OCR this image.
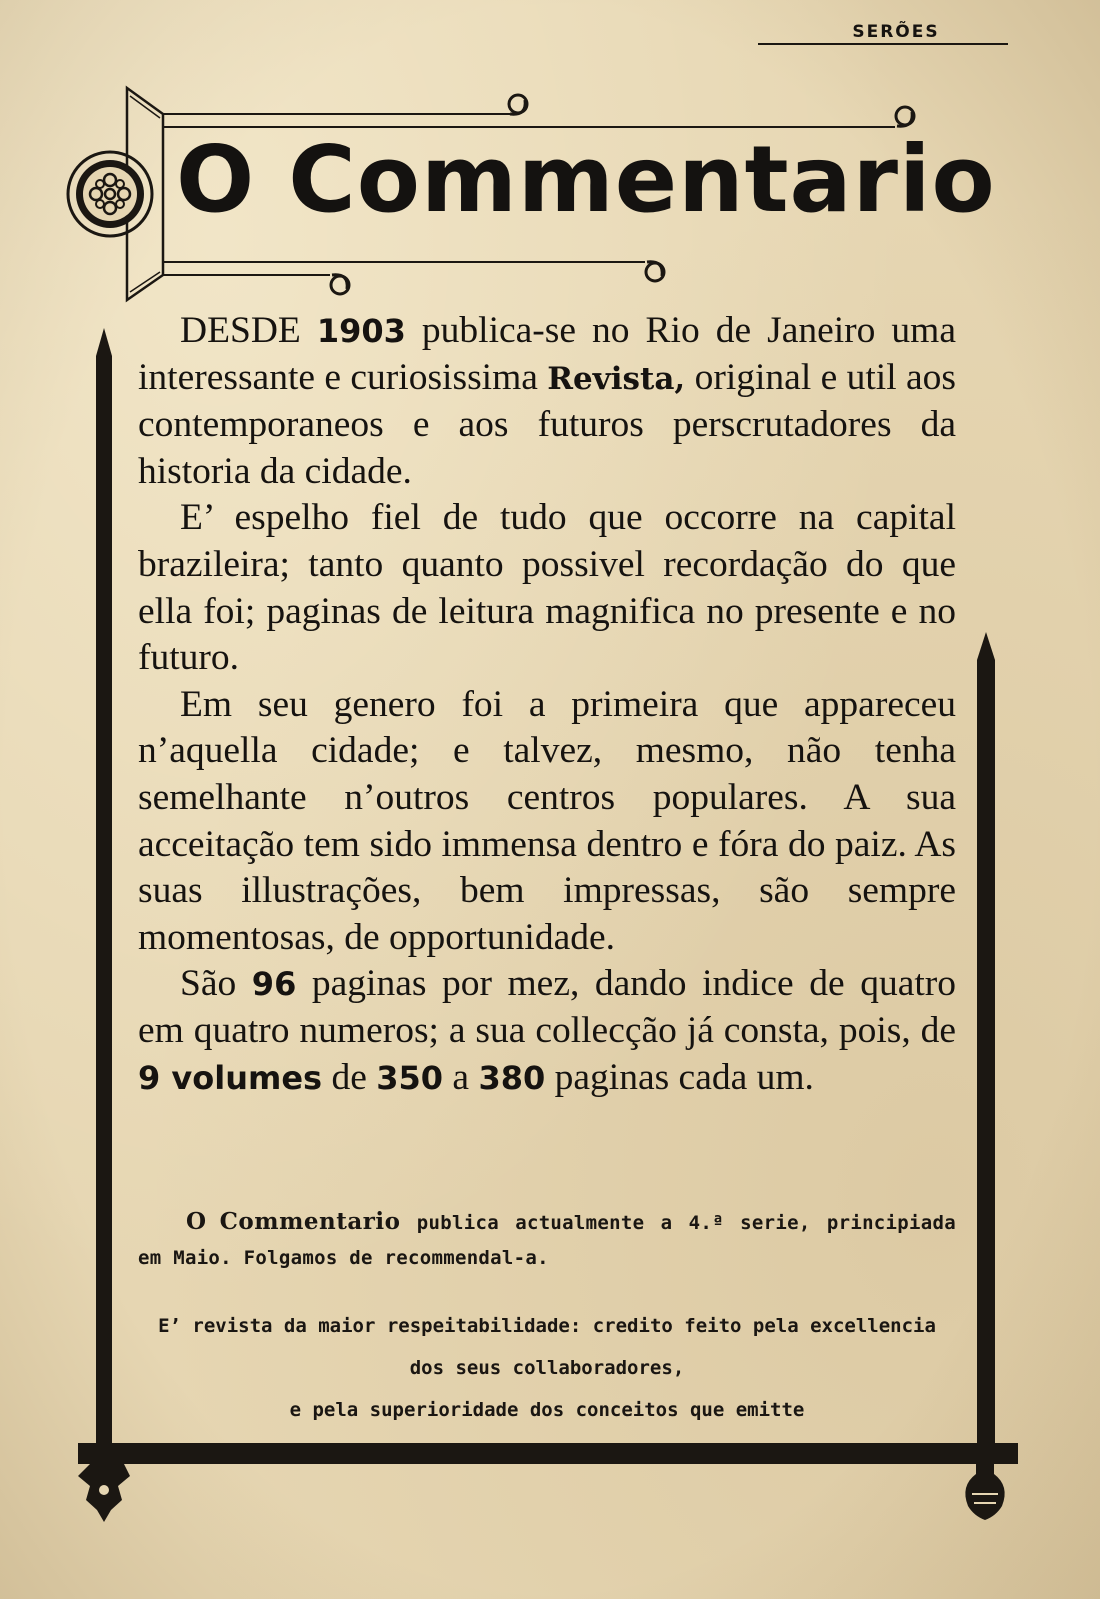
SERÕES
O Commentario

DESDE 1903 publica-se no Rio de Janeiro uma interessante e curiosissima Revista, original e util aos contemporaneos e aos futuros perscrutadores da historia da cidade.

E’ espelho fiel de tudo que occorre na capital brazileira; tanto quanto possivel recordação do que ella foi; paginas de leitura magnifica no presente e no futuro.

Em seu genero foi a primeira que appareceu n’aquella cidade; e talvez, mesmo, não tenha semelhante n’outros centros populares. A sua acceitação tem sido immensa dentro e fóra do paiz. As suas illustrações, bem impressas, são sempre momentosas, de opportunidade.

São 96 paginas por mez, dando indice de quatro em quatro numeros; a sua collecção já consta, pois, de 9 volumes de 350 a 380 paginas cada um.

O Commentario publica actualmente a 4.ª serie, principiada em Maio. Folgamos de recommendal-a.
E’ revista da maior respeitabilidade: credito feito pela excellencia
dos seus collaboradores,
e pela superioridade dos conceitos que emitte
